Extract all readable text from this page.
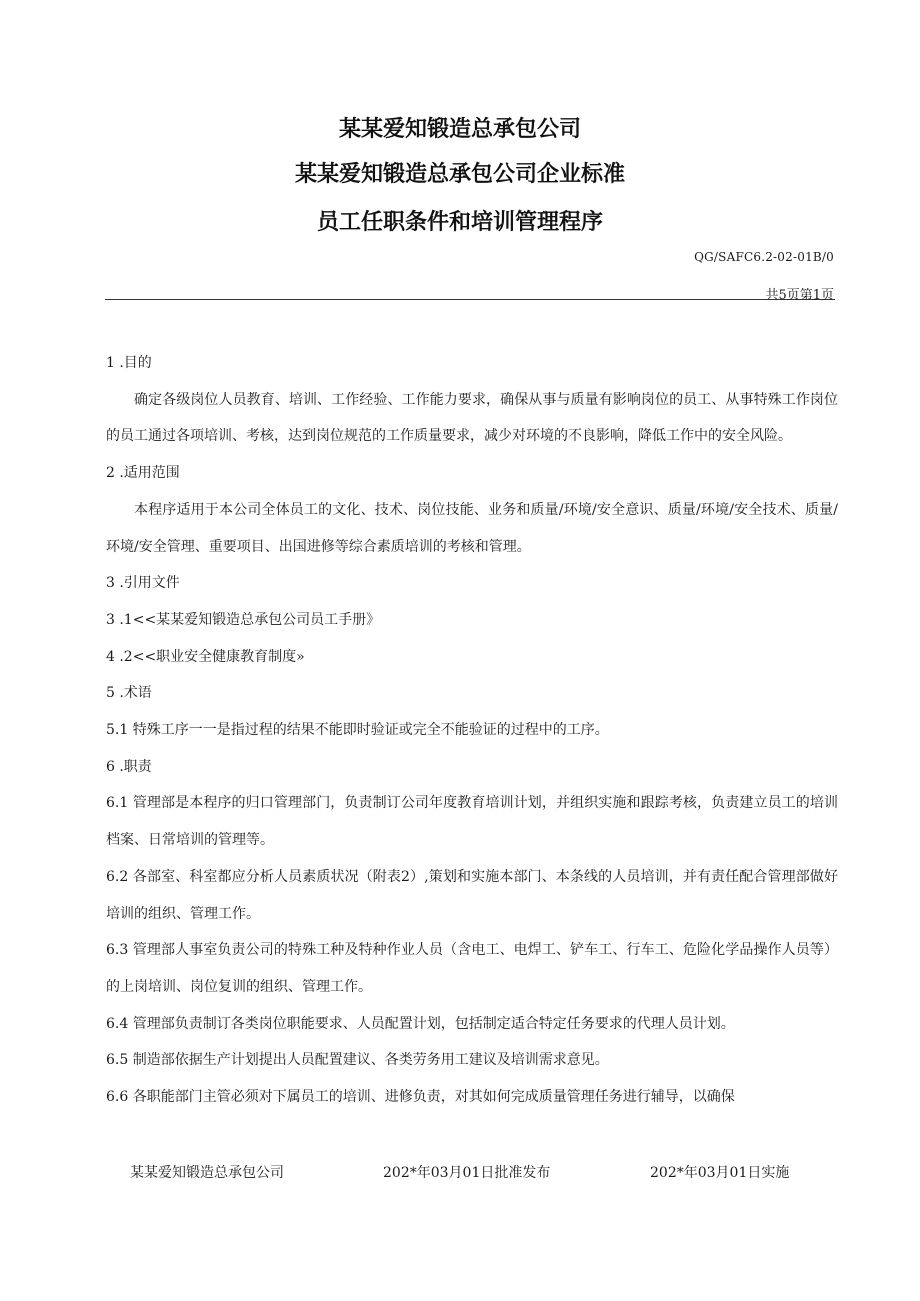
某某爱知锻造总承包公司
某某爱知锻造总承包公司企业标准
员工任职条件和培训管理程序
QG/SAFC6.2-02-01B/0
共5页第1页

1 .目的

确定各级岗位人员教育、培训、工作经验、工作能力要求，确保从事与质量有影响岗位的员工、从事特殊工作岗位的员工通过各项培训、考核，达到岗位规范的工作质量要求，减少对环境的不良影响，降低工作中的安全风险。

2 .适用范围

本程序适用于本公司全体员工的文化、技术、岗位技能、业务和质量/环境/安全意识、质量/环境/安全技术、质量/环境/安全管理、重要项目、出国进修等综合素质培训的考核和管理。

3 .引用文件

3 .1<<某某爱知锻造总承包公司员工手册》

4 .2<<职业安全健康教育制度»

5 .术语

5.1 特殊工序一一是指过程的结果不能即时验证或完全不能验证的过程中的工序。

6 .职责

6.1 管理部是本程序的归口管理部门，负责制订公司年度教育培训计划，并组织实施和跟踪考核，负责建立员工的培训档案、日常培训的管理等。

6.2 各部室、科室都应分析人员素质状况（附表2）,策划和实施本部门、本条线的人员培训，并有责任配合管理部做好培训的组织、管理工作。

6.3 管理部人事室负责公司的特殊工种及特种作业人员（含电工、电焊工、铲车工、行车工、危险化学品操作人员等）的上岗培训、岗位复训的组织、管理工作。

6.4 管理部负责制订各类岗位职能要求、人员配置计划，包括制定适合特定任务要求的代理人员计划。

6.5 制造部依据生产计划提出人员配置建议、各类劳务用工建议及培训需求意见。

6.6 各职能部门主管必须对下属员工的培训、进修负责，对其如何完成质量管理任务进行辅导，以确保

某某爱知锻造总承包公司	202*年03月01日批准发布	202*年03月01日实施
